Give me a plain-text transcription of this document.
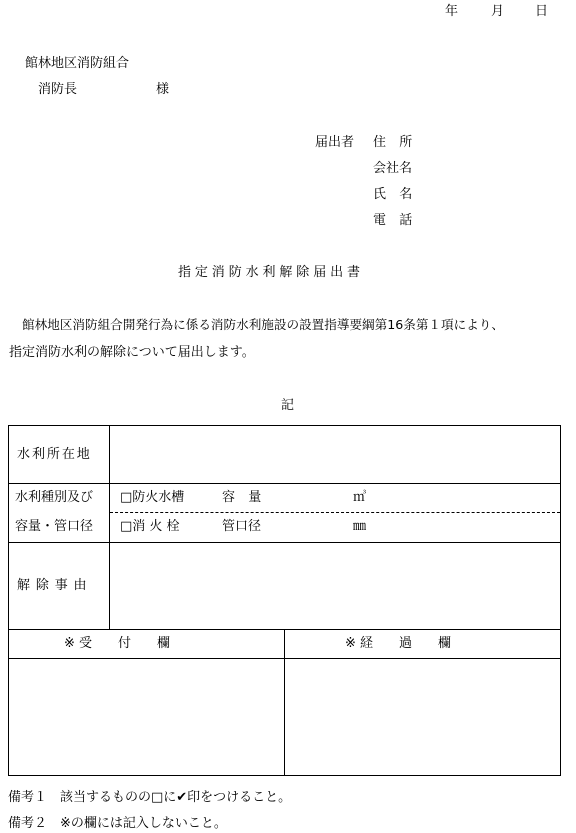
年	月 日
館林地区消防組合
消防長	様
届出者 住 所
会社名
氏 名
電 話
指定消防水利解除届出書
館林地区消防組合開発行為に係る消防水利施設の設置指導要綱第16条第１項により、
指定消防水利の解除について届出します。
記
水利所在地
水利種別及び
容量・管口径
□防火水槽	容 量	㎥
□消 火 栓	管口径	㎜
解除事由
※ 受　　付　　欄	※ 経　　過　　欄
備考１　該当するものの□に✔印をつけること。
備考２　※の欄には記入しないこと。
